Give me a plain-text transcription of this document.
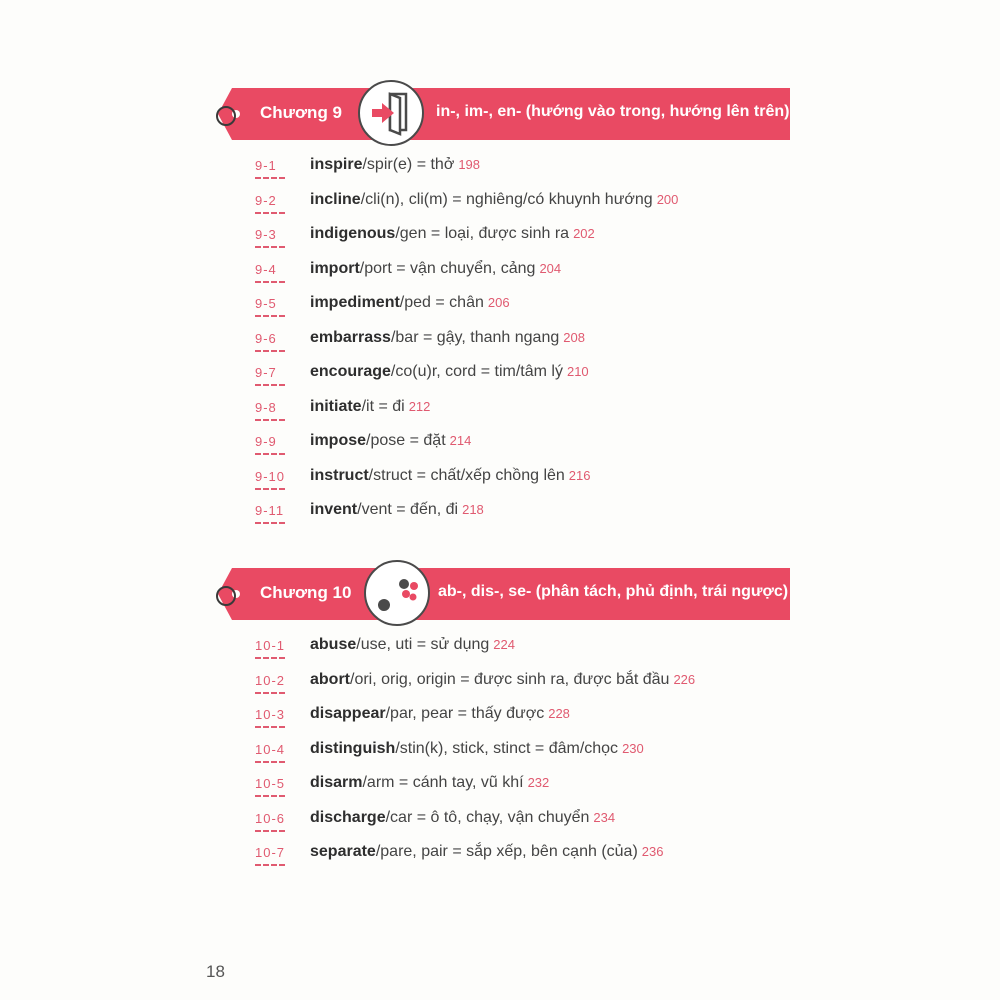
Chương 9	in-, im-, en- (hướng vào trong, hướng lên trên)
9-1 inspire/spir(e) = thở 198
9-2 incline/cli(n), cli(m) = nghiêng/có khuynh hướng 200
9-3 indigenous/gen = loại, được sinh ra 202
9-4 import/port = vận chuyển, cảng 204
9-5 impediment/ped = chân 206
9-6 embarrass/bar = gậy, thanh ngang 208
9-7 encourage/co(u)r, cord = tim/tâm lý 210
9-8 initiate/it = đi 212
9-9 impose/pose = đặt 214
9-10 instruct/struct = chất/xếp chồng lên 216
9-11 invent/vent = đến, đi 218
Chương 10	ab-, dis-, se- (phân tách, phủ định, trái ngược)
10-1 abuse/use, uti = sử dụng 224
10-2 abort/ori, orig, origin = được sinh ra, được bắt đầu 226
10-3 disappear/par, pear = thấy được 228
10-4 distinguish/stin(k), stick, stinct = đâm/chọc 230
10-5 disarm/arm = cánh tay, vũ khí 232
10-6 discharge/car = ô tô, chạy, vận chuyển 234
10-7 separate/pare, pair = sắp xếp, bên cạnh (của) 236
18
